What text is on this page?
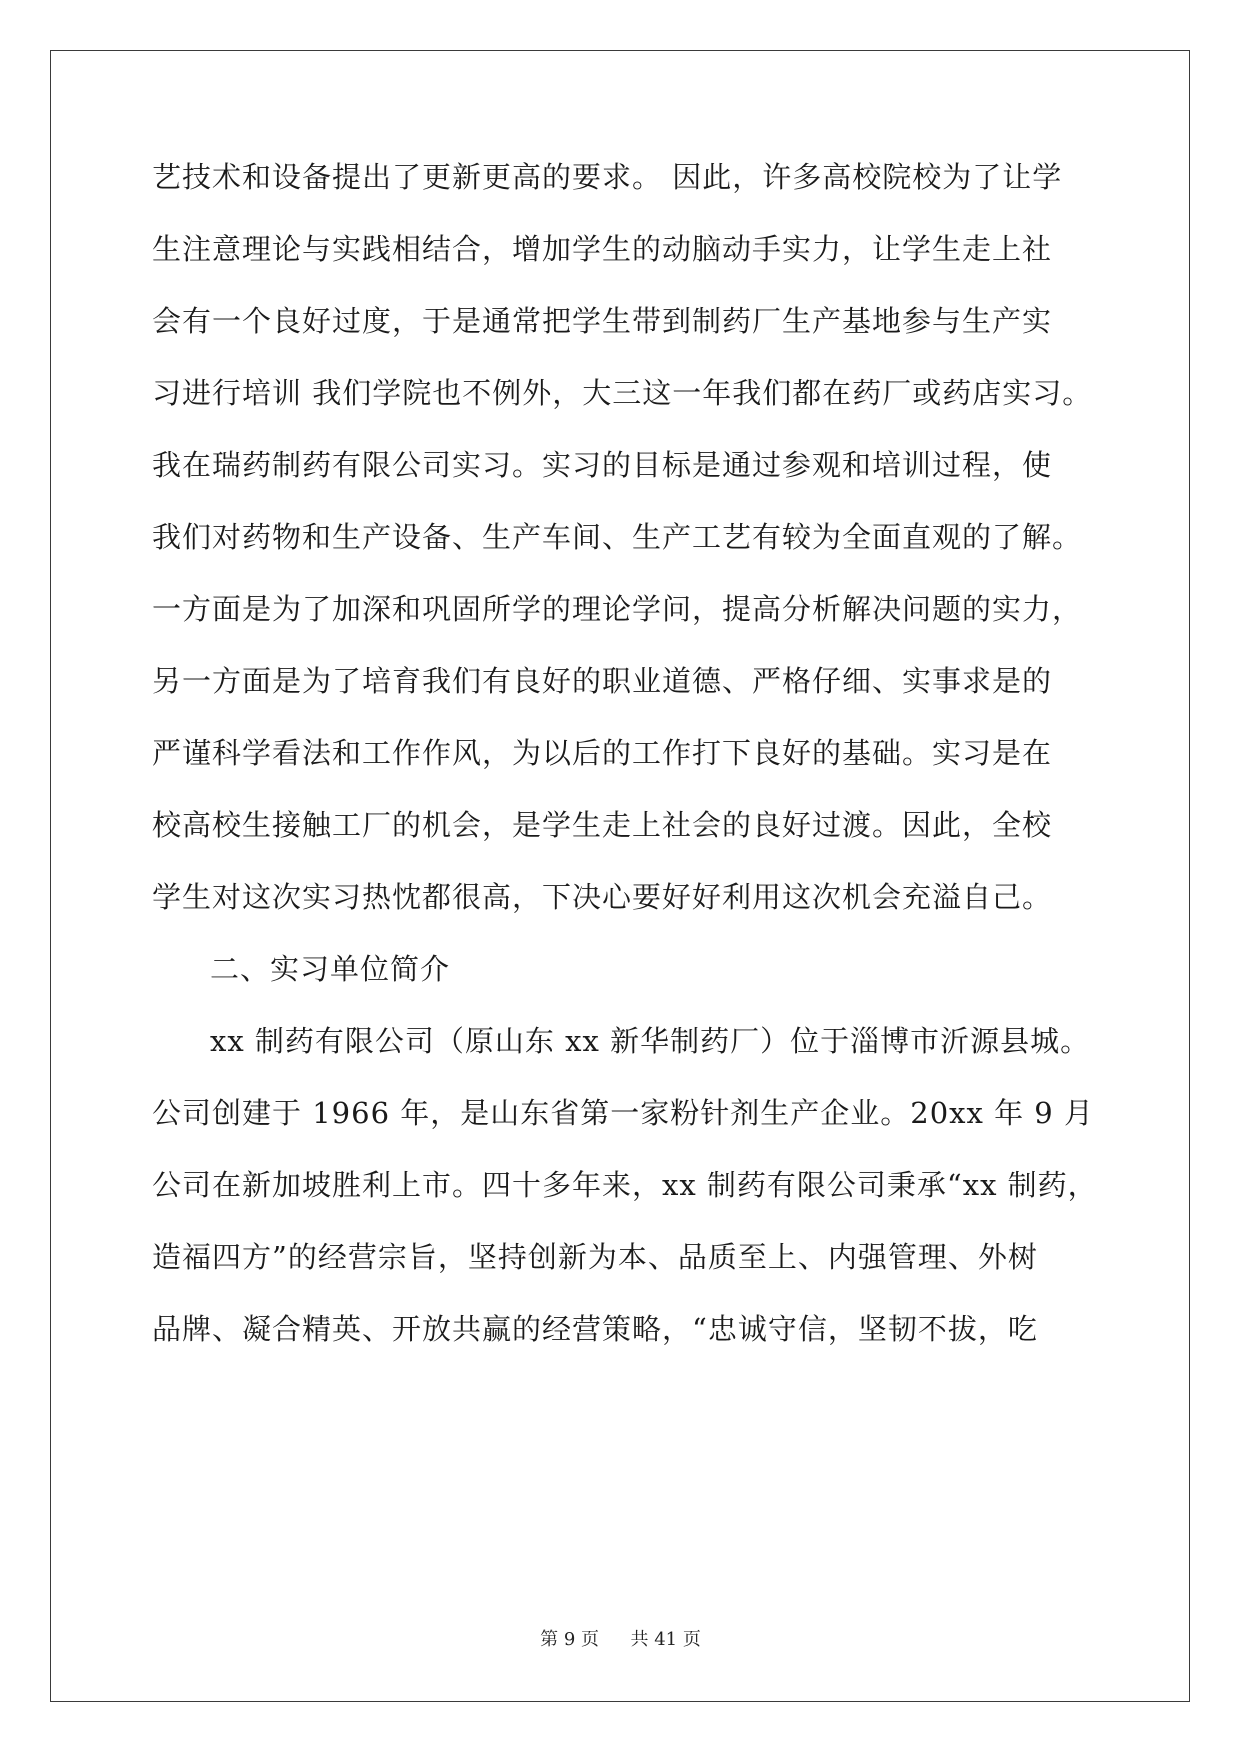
艺技术和设备提出了更新更高的要求。 因此，许多高校院校为了让学

生注意理论与实践相结合，增加学生的动脑动手实力，让学生走上社

会有一个良好过度，于是通常把学生带到制药厂生产基地参与生产实

习进行培训 我们学院也不例外，大三这一年我们都在药厂或药店实习。

我在瑞药制药有限公司实习。实习的目标是通过参观和培训过程，使

我们对药物和生产设备、生产车间、生产工艺有较为全面直观的了解。

一方面是为了加深和巩固所学的理论学问，提高分析解决问题的实力，

另一方面是为了培育我们有良好的职业道德、严格仔细、实事求是的

严谨科学看法和工作作风，为以后的工作打下良好的基础。实习是在

校高校生接触工厂的机会，是学生走上社会的良好过渡。因此，全校

学生对这次实习热忱都很高，下决心要好好利用这次机会充溢自己。

二、实习单位简介

xx 制药有限公司（原山东 xx 新华制药厂）位于淄博市沂源县城。

公司创建于 1966 年，是山东省第一家粉针剂生产企业。20xx 年 9 月

公司在新加坡胜利上市。四十多年来，xx 制药有限公司秉承“xx 制药，

造福四方”的经营宗旨，坚持创新为本、品质至上、内强管理、外树

品牌、凝合精英、开放共赢的经营策略，“忠诚守信，坚韧不拔，吃

第 9 页 共 41 页
